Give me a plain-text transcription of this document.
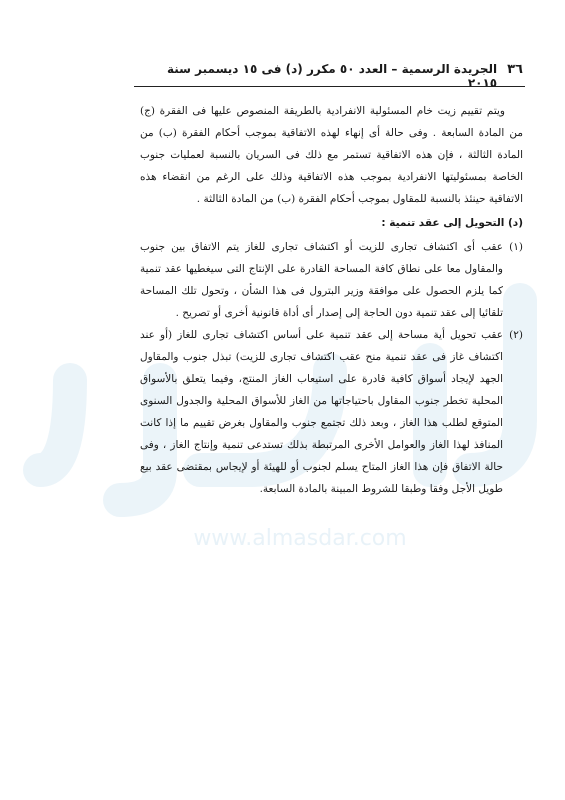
www.almasdar.com
٣٦
الجريدة الرسمية – العدد ٥٠ مكرر (د) فى ١٥ ديسمبر سنة ٢٠١٥

ويتم تقييم زيت خام المسئولية الانفرادية بالطريقة المنصوص عليها فى الفقرة (ج) من المادة السابعة . وفى حالة أى إنهاء لهذه الاتفاقية بموجب أحكام الفقرة (ب) من المادة الثالثة ، فإن هذه الاتفاقية تستمر مع ذلك فى السريان بالنسبة لعمليات جنوب الخاصة بمسئوليتها الانفرادية بموجب هذه الاتفاقية وذلك على الرغم من انقضاء هذه الاتفاقية حينئذ بالنسبة للمقاول بموجب أحكام الفقرة (ب) من المادة الثالثة .

(د) التحويل إلى عقد تنمية :
(١)
عقب أى اكتشاف تجارى للزيت أو اكتشاف تجارى للغاز يتم الاتفاق بين جنوب والمقاول معا على نطاق كافة المساحة القادرة على الإنتاج التى سيغطيها عقد تنمية كما يلزم الحصول على موافقة وزير البترول فى هذا الشأن ، وتحول تلك المساحة تلقائيا إلى عقد تنمية دون الحاجة إلى إصدار أى أداة قانونية أخرى أو تصريح .
(٢)
عقب تحويل أية مساحة إلى عقد تنمية على أساس اكتشاف تجارى للغاز (أو عند اكتشاف غاز فى عقد تنمية منح عقب اكتشاف تجارى للزيت) تبذل جنوب والمقاول الجهد لإيجاد أسواق كافية قادرة على استيعاب الغاز المنتج، وفيما يتعلق بالأسواق المحلية تخطر جنوب المقاول باحتياجاتها من الغاز للأسواق المحلية والجدول السنوى المتوقع لطلب هذا الغاز ، وبعد ذلك تجتمع جنوب والمقاول بغرض تقييم ما إذا كانت المنافذ لهذا الغاز والعوامل الأخرى المرتبطة بذلك تستدعى تنمية وإنتاج الغاز ، وفى حالة الاتفاق فإن هذا الغاز المتاح يسلم لجنوب أو للهيئة أو لإيجاس بمقتضى عقد بيع طويل الأجل وفقا وطبقا للشروط المبينة بالمادة السابعة.
